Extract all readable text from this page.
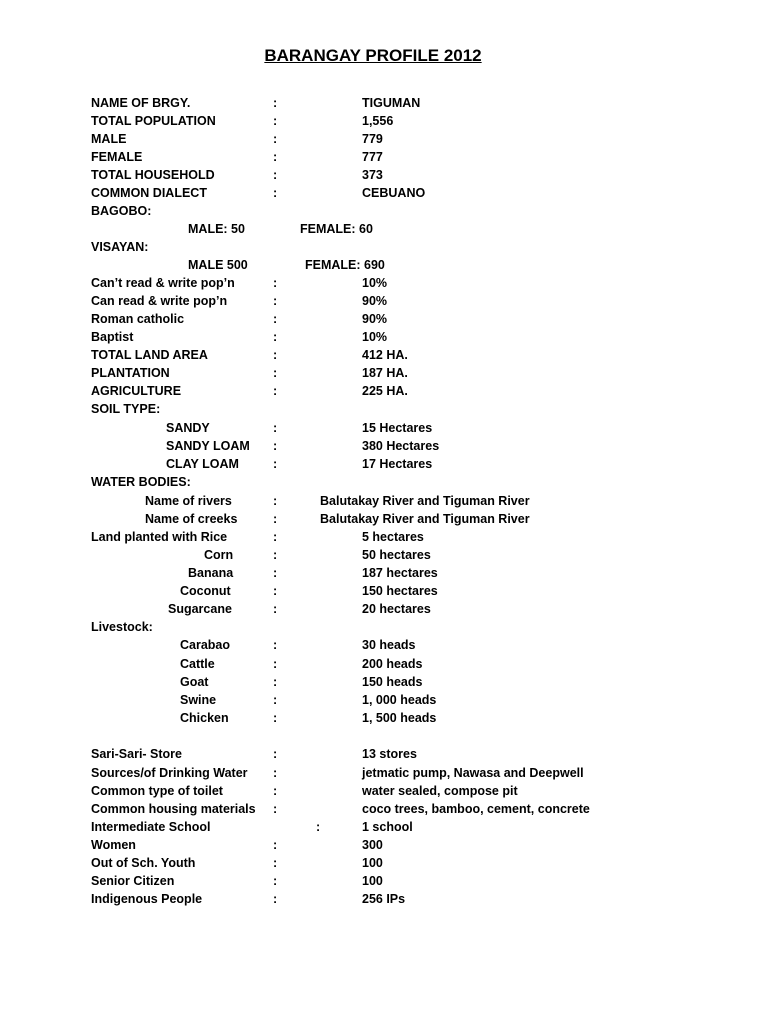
BARANGAY PROFILE 2012
NAME OF BRGY.	:	TIGUMAN
TOTAL POPULATION	:	1,556
MALE	:	779
FEMALE	:	777
TOTAL HOUSEHOLD	:	373
COMMON DIALECT	:	CEBUANO
BAGOBO:
MALE: 50	FEMALE: 60
VISAYAN:
MALE 500	FEMALE: 690
Can’t read & write pop’n	:	10%
Can read & write pop’n	:	90%
Roman catholic	:	90%
Baptist	:	10%
TOTAL LAND AREA	:	412 HA.
PLANTATION	:	187 HA.
AGRICULTURE	:	225 HA.
SOIL TYPE:
SANDY	:	15 Hectares
SANDY LOAM :	380 Hectares
CLAY LOAM	:	17 Hectares
WATER BODIES:
Name of rivers	:	Balutakay River and Tiguman River
Name of creeks	:	Balutakay River and Tiguman River
Land planted with Rice	:	5 hectares
Corn	:	50 hectares
Banana	:	187 hectares
Coconut	:	150 hectares
Sugarcane	:	20 hectares
Livestock:
Carabao	:	30 heads
Cattle	:	200 heads
Goat	:	150 heads
Swine	:	1, 000 heads
Chicken	:	1, 500 heads
Sari-Sari- Store	:	13 stores
Sources/of Drinking Water :	jetmatic pump, Nawasa and Deepwell
Common type of toilet	:	water sealed, compose pit
Common housing materials :	coco trees, bamboo, cement, concrete
Intermediate School	:	1 school
Women	:	300
Out of Sch. Youth	:	100
Senior Citizen	:	100
Indigenous People	:	256 IPs
